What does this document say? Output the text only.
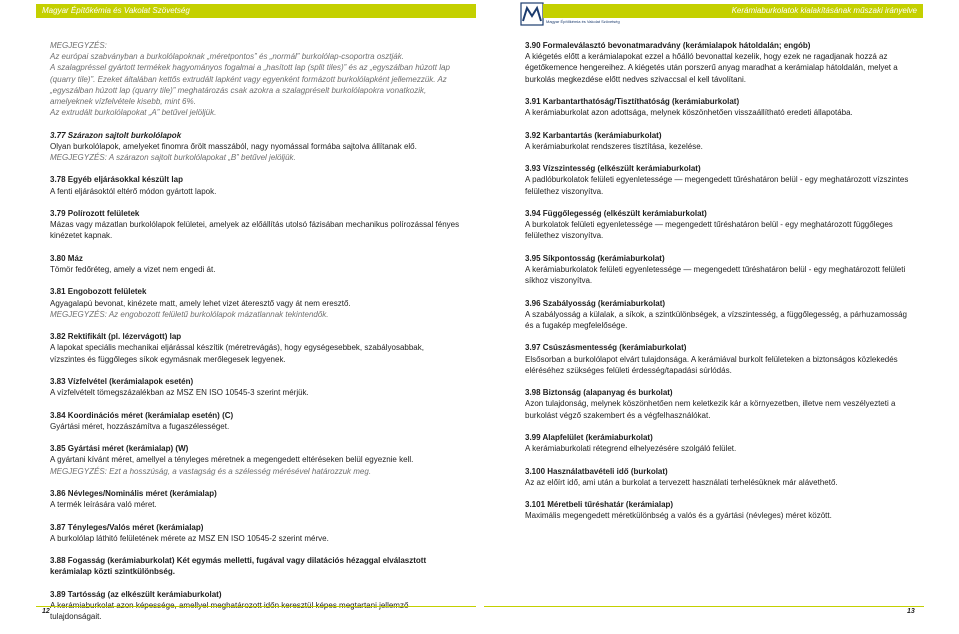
Magyar Építőkémia és Vakolat Szövetség
Magyar Építőkémia és Vakolat Szövetség
Kerámiaburkolatok kialakításának műszaki irányelve
MEGJEGYZÉS:
Az európai szabványban a burkolólapoknak „méretpontos” és „normál” burkolólap-csoportra osztják.
A szalagpréssel gyártott termékek hagyományos fogalmai a „hasított lap (split tiles)” és az „egyszálban húzott lap (quarry tile)”. Ezeket általában kettős extrudált lapként vagy egyenként formázott burkolólapként jellemezzük. Az „egyszálban húzott lap (quarry tile)” meghatározás csak azokra a szalagpréselt burkolólapokra vonatkozik, amelyeknek vízfelvétele kisebb, mint 6%.
Az extrudált burkolólapokat „A” betűvel jelöljük.
3.77 Szárazon sajtolt burkolólapok

Olyan burkolólapok, amelyeket finomra őrölt masszából, nagy nyomással formába sajtolva állítanak elő.

MEGJEGYZÉS: A szárazon sajtolt burkolólapokat „B” betűvel jelöljük.

3.78 Egyéb eljárásokkal készült lap

A fenti eljárásoktól eltérő módon gyártott lapok.

3.79 Polírozott felületek

Mázas vagy mázatlan burkolólapok felületei, amelyek az előállítás utolsó fázisában mechanikus polírozással fényes kinézetet kapnak.

3.80 Máz

Tömör fedőréteg, amely a vizet nem engedi át.

3.81 Engobozott felületek

Agyagalapú bevonat, kinézete matt, amely lehet vizet áteresztő vagy át nem eresztő.

MEGJEGYZÉS: Az engobozott felületű burkolólapok mázatlannak tekintendők.

3.82 Rektifikált (pl. lézervágott) lap

A lapokat speciális mechanikai eljárással készítik (méretrevágás), hogy egységesebbek, szabályosabbak, vízszintes és függőleges síkok egymásnak merőlegesek legyenek.

3.83 Vízfelvétel (kerámialapok esetén)

A vízfelvételt tömegszázalékban az MSZ EN ISO 10545-3 szerint mérjük.

3.84 Koordinációs méret (kerámialap esetén) (C)

Gyártási méret, hozzászámítva a fugaszélességet.

3.85 Gyártási méret (kerámialap) (W)

A gyártani kívánt méret, amellyel a tényleges méretnek a megengedett eltéréseken belül egyeznie kell.

MEGJEGYZÉS: Ezt a hosszúság, a vastagság és a szélesség mérésével határozzuk meg.

3.86 Névleges/Nominális méret (kerámialap)

A termék leírására való méret.

3.87 Tényleges/Valós méret (kerámialap)

A burkolólap láthitó felületének mérete az MSZ EN ISO 10545-2 szerint mérve.

3.88 Fogasság (kerámiaburkolat) Két egymás melletti, fugával vagy dilatációs hézaggal elválasztott kerámialap közti szintkülönbség.
3.89 Tartósság (az elkészült kerámiaburkolat)

A kerámiaburkolat azon képessége, amellyel meghatározott időn keresztül képes megtartani jellemző tulajdonságait.

3.90 Formaleválasztó bevonatmaradvány (kerámialapok hátoldalán; engób)

A kiégetés előtt a kerámialapokat ezzel a hőálló bevonattal kezelik, hogy ezek ne ragadjanak hozzá az égetőkemence hengereihez. A kiégetés után porszerű anyag maradhat a kerámialap hátoldalán, melyet a burkolás megkezdése előtt nedves szivaccsal el kell távolítani.

3.91 Karbantarthatóság/Tisztíthatóság (kerámiaburkolat)

A kerámiaburkolat azon adottsága, melynek köszönhetően visszaállítható eredeti állapotába.

3.92 Karbantartás (kerámiaburkolat)

A kerámiaburkolat rendszeres tisztítása, kezelése.

3.93 Vízszintesség (elkészült kerámiaburkolat)

A padlóburkolatok felületi egyenletessége — megengedett tűréshatáron belül - egy meghatározott vízszintes felülethez viszonyítva.

3.94 Függőlegesség (elkészült kerámiaburkolat)

A burkolatok felületi egyenletessége — megengedett tűréshatáron belül - egy meghatározott függőleges felülethez viszonyítva.

3.95 Síkpontosság (kerámiaburkolat)

A kerámiaburkolatok felületi egyenletessége — megengedett tűréshatáron belül - egy meghatározott felületi síkhoz viszonyítva.

3.96 Szabályosság (kerámiaburkolat)

A szabályosság a külalak, a síkok, a szintkülönbségek, a vízszintesség, a függőlegesség, a párhuzamosság és a fugakép megfelelősége.

3.97 Csúszásmentesség (kerámiaburkolat)

Elsősorban a burkolólapot elvárt tulajdonsága. A kerámiával burkolt felületeken a biztonságos közlekedés eléréséhez szükséges felületi érdesség/tapadási súrlódás.

3.98 Biztonság (alapanyag és burkolat)

Azon tulajdonság, melynek köszönhetően nem keletkezik kár a környezetben, illetve nem veszélyezteti a burkolást végző szakembert és a végfelhasználókat.

3.99 Alapfelület (kerámiaburkolat)

A kerámiaburkolati rétegrend elhelyezésére szolgáló felület.

3.100 Használatbavételi idő (burkolat)

Az az előírt idő, ami után a burkolat a tervezett használati terhelésüknek már alávethető.

3.101 Méretbeli tűréshatár (kerámialap)

Maximális megengedett méretkülönbség a valós és a gyártási (névleges) méret között.

12	13
